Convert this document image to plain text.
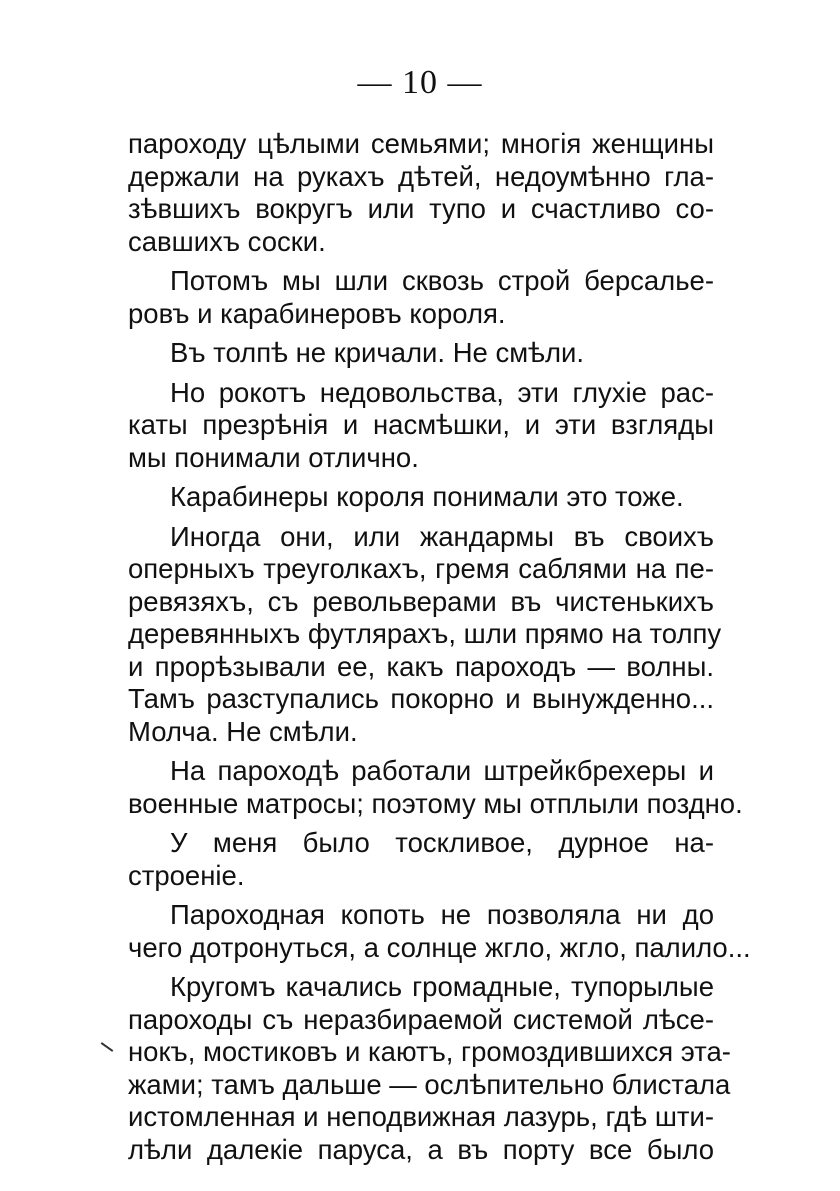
— 10 —
пароходу цѣлыми семьями; многія женщины
держали на рукахъ дѣтей, недоумѣнно гла-
зѣвшихъ вокругъ или тупо и счастливо со-
савшихъ соски.
Потомъ мы шли сквозь строй берсалье-
ровъ и карабинеровъ короля.
Въ толпѣ не кричали. Не смѣли.
Но рокотъ недовольства, эти глухіе рас-
каты презрѣнія и насмѣшки, и эти взгляды
мы понимали отлично.
Карабинеры короля понимали это тоже.
Иногда они, или жандармы въ своихъ
оперныхъ треуголкахъ, гремя саблями на пе-
ревязяхъ, съ револьверами въ чистенькихъ
деревянныхъ футлярахъ, шли прямо на толпу
и прорѣзывали ее, какъ пароходъ — волны.
Тамъ разступались покорно и вынужденно...
Молча. Не смѣли.
На пароходѣ работали штрейкбрехеры и
военные матросы; поэтому мы отплыли поздно.
У меня было тоскливое, дурное на-
строеніе.
Пароходная копоть не позволяла ни до
чего дотронуться, а солнце жгло, жгло, палило...
Кругомъ качались громадные, тупорылые
пароходы съ неразбираемой системой лѣсе-
нокъ, мостиковъ и каютъ, громоздившихся эта-
жами; тамъ дальше — ослѣпительно блистала
истомленная и неподвижная лазурь, гдѣ шти-
лѣли далекіе паруса, а въ порту все было
